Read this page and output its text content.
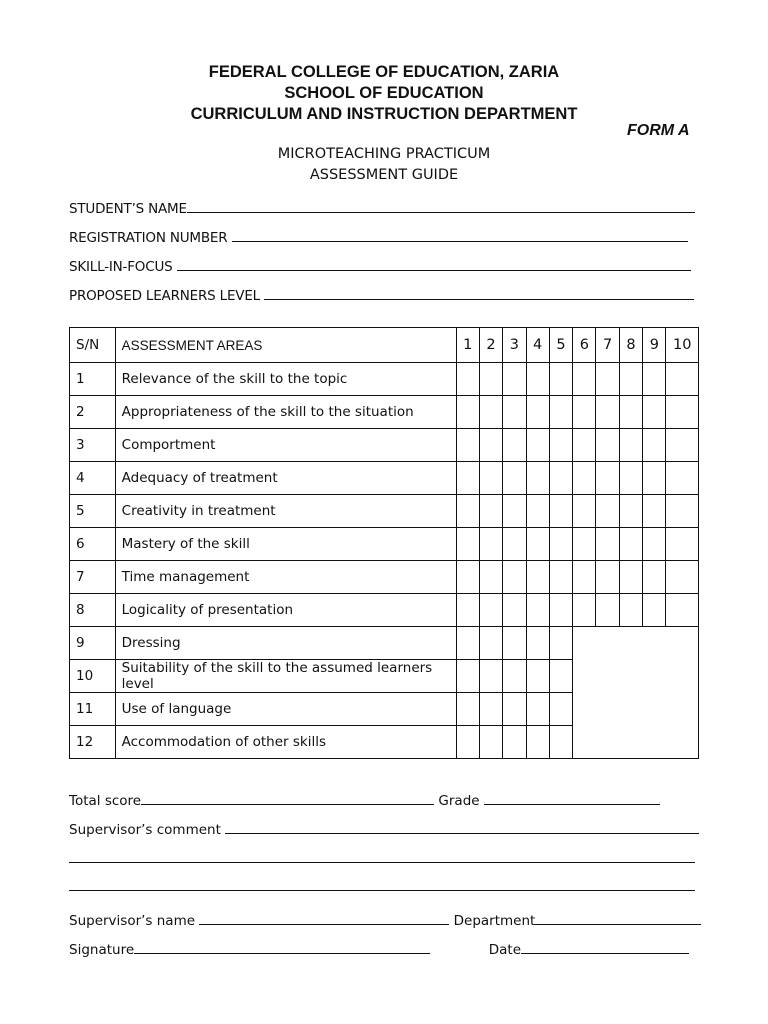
FEDERAL COLLEGE OF EDUCATION, ZARIA
SCHOOL OF EDUCATION
CURRICULUM AND INSTRUCTION DEPARTMENT
FORM A
MICROTEACHING PRACTICUM
ASSESSMENT GUIDE
STUDENT’S NAME
REGISTRATION NUMBER
SKILL-IN-FOCUS
PROPOSED LEARNERS LEVEL
S/N	ASSESSMENT AREAS	1	2	3	4	5	6	7	8	9	10
1	Relevance of the skill to the topic										
2	Appropriateness of the skill to the situation										
3	Comportment										
4	Adequacy of treatment										
5	Creativity in treatment										
6	Mastery of the skill										
7	Time management										
8	Logicality of presentation										
9	Dressing										
10	Suitability of the skill to the assumed learners level										
11	Use of language										
12	Accommodation of other skills										
Total score	Grade
Supervisor’s comment
Supervisor’s name	Department
Signature	Date
